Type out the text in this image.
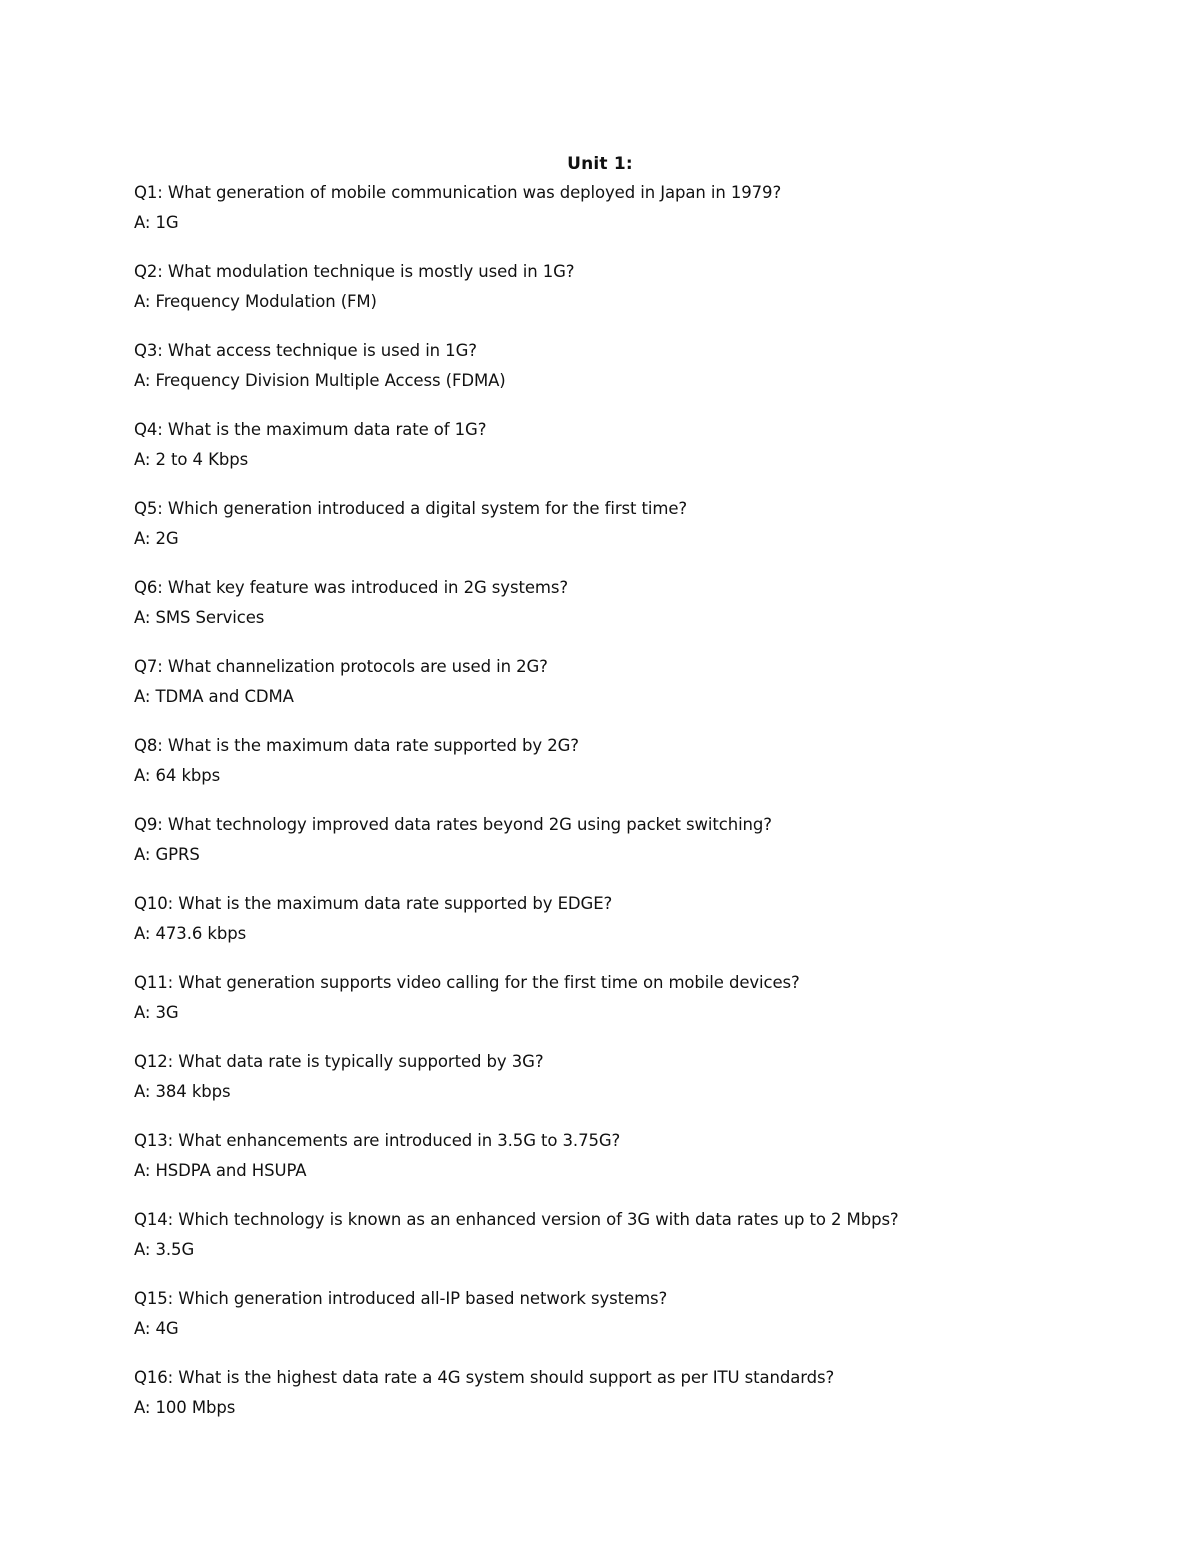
Unit 1:
Q1: What generation of mobile communication was deployed in Japan in 1979?
A: 1G
Q2: What modulation technique is mostly used in 1G?
A: Frequency Modulation (FM)
Q3: What access technique is used in 1G?
A: Frequency Division Multiple Access (FDMA)
Q4: What is the maximum data rate of 1G?
A: 2 to 4 Kbps
Q5: Which generation introduced a digital system for the first time?
A: 2G
Q6: What key feature was introduced in 2G systems?
A: SMS Services
Q7: What channelization protocols are used in 2G?
A: TDMA and CDMA
Q8: What is the maximum data rate supported by 2G?
A: 64 kbps
Q9: What technology improved data rates beyond 2G using packet switching?
A: GPRS
Q10: What is the maximum data rate supported by EDGE?
A: 473.6 kbps
Q11: What generation supports video calling for the first time on mobile devices?
A: 3G
Q12: What data rate is typically supported by 3G?
A: 384 kbps
Q13: What enhancements are introduced in 3.5G to 3.75G?
A: HSDPA and HSUPA
Q14: Which technology is known as an enhanced version of 3G with data rates up to 2 Mbps?
A: 3.5G
Q15: Which generation introduced all-IP based network systems?
A: 4G
Q16: What is the highest data rate a 4G system should support as per ITU standards?
A: 100 Mbps
